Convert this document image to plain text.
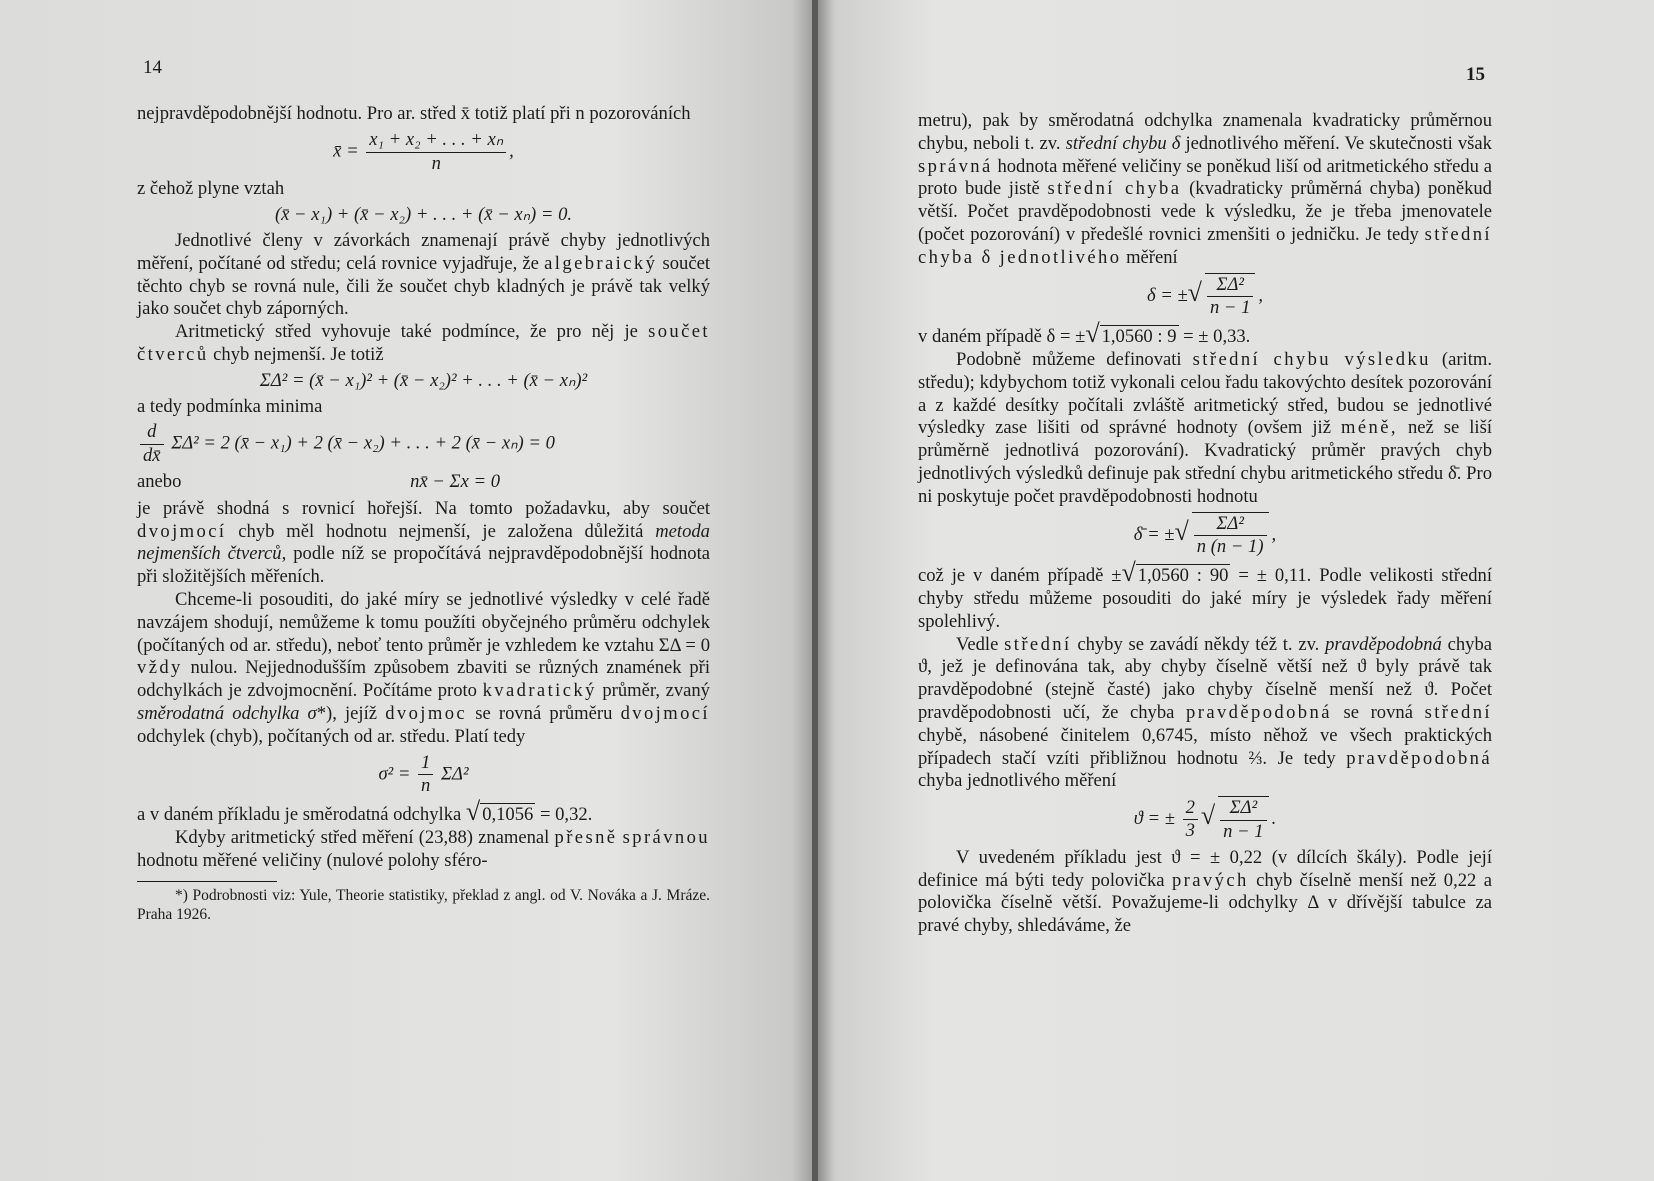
14

nejpravděpodobnější hodnotu. Pro ar. střed x̄ totiž platí při n pozorováních

x̄ = $\frac{\text{x₁ + x₂ + . . . + xₙ}}{n}$ ,

z čehož plyne vztah

(x̄ − x₁) + (x̄ − x₂) + . . . + (x̄ − xₙ) = 0.

Jednotlivé členy v závorkách znamenají právě chyby jednotlivých měření, počítané od středu; celá rovnice vyjadřuje, že algebraický součet těchto chyb se rovná nule, čili že součet chyb kladných je právě tak velký jako součet chyb záporných.

Aritmetický střed vyhovuje také podmínce, že pro něj je součet čtverců chyb nejmenší. Je totiž

ΣΔ² = (x̄ − x₁)² + (x̄ − x₂)² + . . . + (x̄ − xₙ)²

a tedy podmínka minima

$\frac{d}{dx̄} \Sigma\Delta^2 = 2$ (x̄ − x₁) + 2 (x̄ − x₂) + . . . + 2 (x̄ − xₙ) = 0
anebo	nx̄ − Σx = 0

je právě shodná s rovnicí hořejší. Na tomto požadavku, aby součet dvojmocí chyb měl hodnotu nejmenší, je založena důležitá metoda nejmenších čtverců, podle níž se propočítává nejpravděpodobnější hodnota při složitějších měřeních.

Chceme-li posouditi, do jaké míry se jednotlivé výsledky v celé řadě navzájem shodují, nemůžeme k tomu použíti obyčejného průměru odchylek (počítaných od ar. středu), neboť tento průměr je vzhledem ke vztahu ΣΔ = 0 vždy nulou. Nejjednodušším způsobem zbaviti se různých znamének při odchylkách je zdvojmocnění. Počítáme proto kvadratický průměr, zvaný směrodatná odchylka σ*), jejíž dvojmoc se rovná průměru dvojmocí odchylek (chyb), počítaných od ar. středu. Platí tedy

$\sigma^2 = \frac{1}{n} \Sigma\Delta^2$

a v daném příkladu je směrodatná odchylka √ 0,1056 = 0,32.

Kdyby aritmetický střed měření (23,88) znamenal přesně správnou hodnotu měřené veličiny (nulové polohy sféro-

*) Podrobnosti viz: Yule, Theorie statistiky, překlad z angl. od V. Nováka a J. Mráze. Praha 1926.

15

metru), pak by směrodatná odchylka znamenala kvadraticky průměrnou chybu, neboli t. zv. střední chybu δ jednotlivého měření. Ve skutečnosti však správná hodnota měřené veličiny se poněkud liší od aritmetického středu a proto bude jistě střední chyba (kvadraticky průměrná chyba) poněkud větší. Počet pravděpodobnosti vede k výsledku, že je třeba jmenovatele (počet pozorování) v předešlé rovnici zmenšiti o jedničku. Je tedy střední chyba δ jednotlivého měření

δ = ±√ $\frac{\text{ΣΔ²}}{n - 1}$ ,

v daném případě δ = ±√ 1,0560 : 9 = ± 0,33.

Podobně můžeme definovati střední chybu výsledku (aritm. středu); kdybychom totiž vykonali celou řadu takovýchto desítek pozorování a z každé desítky počítali zvláště aritmetický střed, budou se jednotlivé výsledky zase lišiti od správné hodnoty (ovšem již méně, než se liší průměrně jednotlivá pozorování). Kvadratický průměr pravých chyb jednotlivých výsledků definuje pak střední chybu aritmetického středu δ̄. Pro ni poskytuje počet pravděpodobnosti hodnotu

δ̄ = ±√ $\frac{\text{ΣΔ²}}{n (n - 1)}$ ,

což je v daném případě ±√ 1,0560 : 90 = ± 0,11. Podle velikosti střední chyby středu můžeme posouditi do jaké míry je výsledek řady měření spolehlivý.

Vedle střední chyby se zavádí někdy též t. zv. pravděpodobná chyba ϑ, jež je definována tak, aby chyby číselně větší než ϑ byly právě tak pravděpodobné (stejně časté) jako chyby číselně menší než ϑ. Počet pravděpodobnosti učí, že chyba pravděpodobná se rovná střední chybě, násobené činitelem 0,6745, místo něhož ve všech praktických případech stačí vzíti přibližnou hodnotu ⅔. Je tedy pravděpodobná chyba jednotlivého měření

ϑ = ± $\frac{2}{3}$ √ $\frac{\text{ΣΔ²}}{n - 1}$ .

V uvedeném příkladu jest ϑ = ± 0,22 (v dílcích škály). Podle její definice má býti tedy polovička pravých chyb číselně menší než 0,22 a polovička číselně větší. Považujeme-li odchylky Δ v dřívější tabulce za pravé chyby, shledáváme, že
